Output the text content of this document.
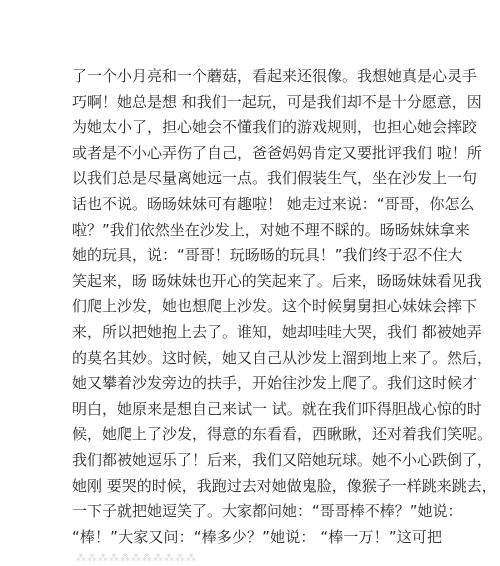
了一个小月亮和一个蘑菇，看起来还很像。我想她真是心灵手
巧啊！她总是想 和我们一起玩，可是我们却不是十分愿意，因
为她太小了，担心她会不懂我们的游戏规则，也担心她会摔跤
或者是不小心弄伤了自己，爸爸妈妈肯定又要批评我们 啦！所
以我们总是尽量离她远一点。我们假装生气，坐在沙发上一句
话也不说。旸旸妹妹可有趣啦！ 她走过来说：“哥哥，你怎么
啦？”我们依然坐在沙发上，对她不理不睬的。旸旸妹妹拿来
她的玩具，说：“哥哥！玩旸旸的玩具！”我们终于忍不住大
笑起来，旸 旸妹妹也开心的笑起来了。后来，旸旸妹妹看见我
们爬上沙发，她也想爬上沙发。这个时候舅舅担心妹妹会摔下
来，所以把她抱上去了。谁知，她却哇哇大哭，我们 都被她弄
的莫名其妙。这时候，她又自己从沙发上溜到地上来了。然后，
她又攀着沙发旁边的扶手，开始往沙发上爬了。我们这时候才
明白，她原来是想自己来试一 试。就在我们吓得胆战心惊的时
候，她爬上了沙发，得意的东看看，西瞅瞅，还对着我们笑呢。
我们都被她逗乐了！后来，我们又陪她玩球。她不小心跌倒了，
她刚 要哭的时候，我跑过去对她做鬼脸，像猴子一样跳来跳去，
一下子就把她逗笑了。大家都问她：“哥哥棒不棒？”她说：
“棒！”大家又问：“棒多少？”她说： “棒一万！”这可把
⁂⁂⁂⁂⁂⁂⁂⁂⁂⁂⁂
